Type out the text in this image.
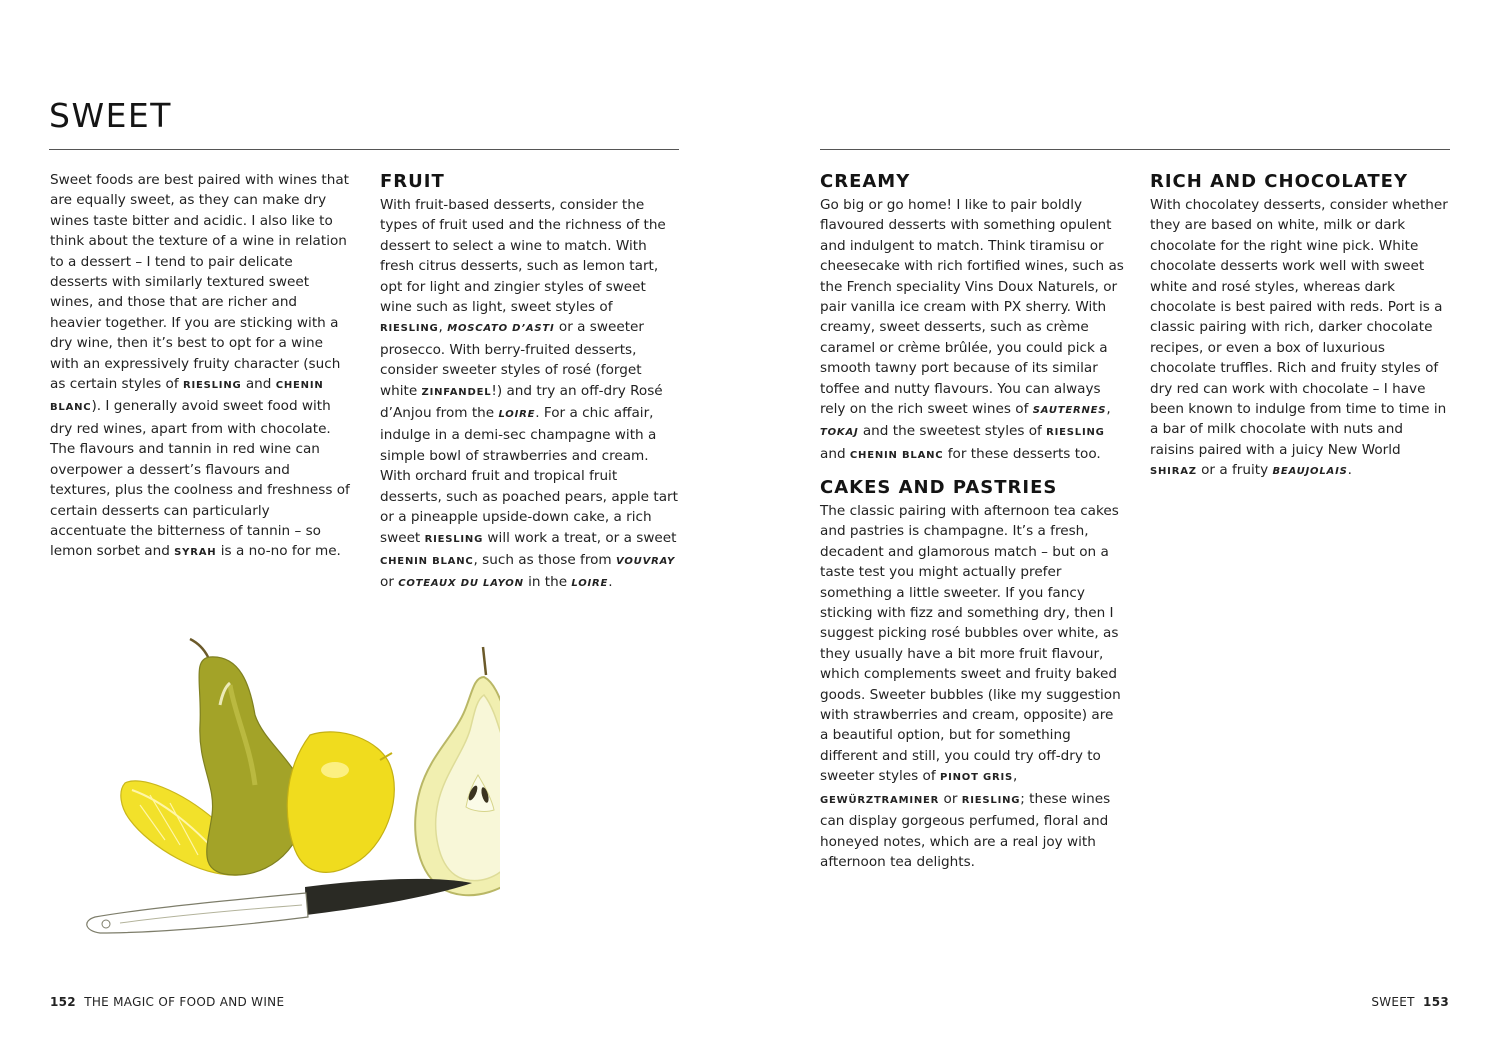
SWEET

Sweet foods are best paired with wines that are equally sweet, as they can make dry wines taste bitter and acidic. I also like to think about the texture of a wine in relation to a dessert – I tend to pair delicate desserts with similarly textured sweet wines, and those that are richer and heavier together. If you are sticking with a dry wine, then it’s best to opt for a wine with an expressively fruity character (such as certain styles of RIESLING and CHENIN BLANC). I generally avoid sweet food with dry red wines, apart from with chocolate. The flavours and tannin in red wine can overpower a dessert’s flavours and textures, plus the coolness and freshness of certain desserts can particularly accentuate the bitterness of tannin – so lemon sorbet and SYRAH is a no-no for me.

FRUIT

With fruit-based desserts, consider the types of fruit used and the richness of the dessert to select a wine to match. With fresh citrus desserts, such as lemon tart, opt for light and zingier styles of sweet wine such as light, sweet styles of RIESLING, MOSCATO D’ASTI or a sweeter prosecco. With berry-fruited desserts, consider sweeter styles of rosé (forget white ZINFANDEL!) and try an off-dry Rosé d’Anjou from the LOIRE. For a chic affair, indulge in a demi-sec champagne with a simple bowl of strawberries and cream. With orchard fruit and tropical fruit desserts, such as poached pears, apple tart or a pineapple upside-down cake, a rich sweet RIESLING will work a treat, or a sweet CHENIN BLANC, such as those from VOUVRAY or COTEAUX DU LAYON in the LOIRE.

152 THE MAGIC OF FOOD AND WINE
CREAMY

Go big or go home! I like to pair boldly flavoured desserts with something opulent and indulgent to match. Think tiramisu or cheesecake with rich fortified wines, such as the French speciality Vins Doux Naturels, or pair vanilla ice cream with PX sherry. With creamy, sweet desserts, such as crème caramel or crème brûlée, you could pick a smooth tawny port because of its similar toffee and nutty flavours. You can always rely on the rich sweet wines of SAUTERNES, TOKAJ and the sweetest styles of RIESLING and CHENIN BLANC for these desserts too.

CAKES AND PASTRIES

The classic pairing with afternoon tea cakes and pastries is champagne. It’s a fresh, decadent and glamorous match – but on a taste test you might actually prefer something a little sweeter. If you fancy sticking with fizz and something dry, then I suggest picking rosé bubbles over white, as they usually have a bit more fruit flavour, which complements sweet and fruity baked goods. Sweeter bubbles (like my suggestion with strawberries and cream, opposite) are a beautiful option, but for something different and still, you could try off-dry to sweeter styles of PINOT GRIS, GEWÜRZTRAMINER or RIESLING; these wines can display gorgeous perfumed, floral and honeyed notes, which are a real joy with afternoon tea delights.

RICH AND CHOCOLATEY

With chocolatey desserts, consider whether they are based on white, milk or dark chocolate for the right wine pick. White chocolate desserts work well with sweet white and rosé styles, whereas dark chocolate is best paired with reds. Port is a classic pairing with rich, darker chocolate recipes, or even a box of luxurious chocolate truffles. Rich and fruity styles of dry red can work with chocolate – I have been known to indulge from time to time in a bar of milk chocolate with nuts and raisins paired with a juicy New World SHIRAZ or a fruity BEAUJOLAIS.

SWEET 153
